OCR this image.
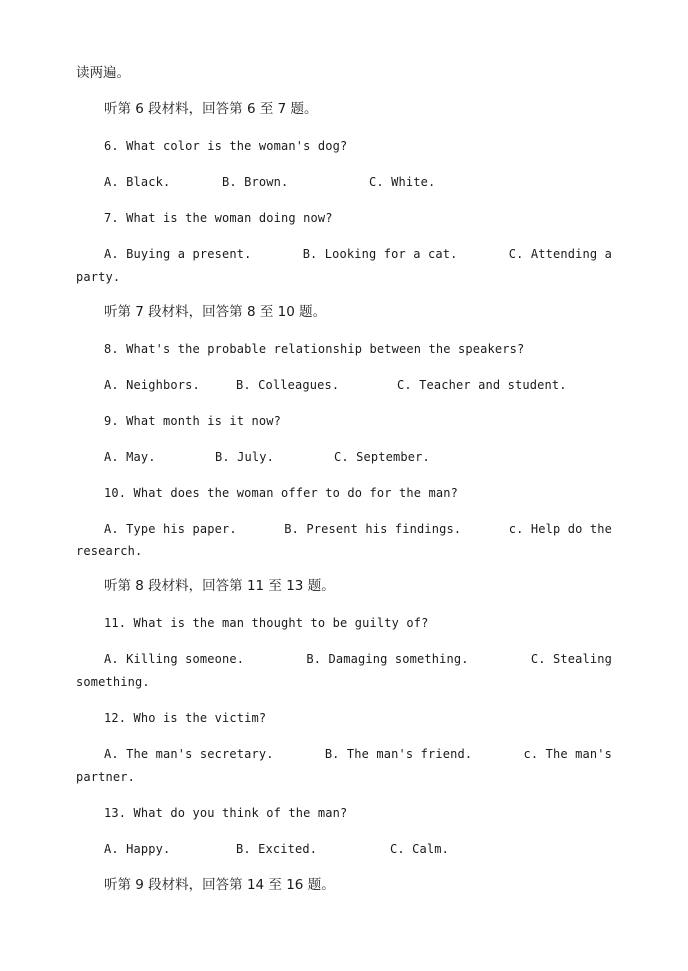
读两遍。

听第 6 段材料，回答第 6 至 7 题。

6. What color is the woman's dog?

A. Black.	B. Brown.	C. White.

7. What is the woman doing now?

A. Buying a present.	B. Looking for a cat.	C. Attending a

party.

听第 7 段材料，回答第 8 至 10 题。

8. What's the probable relationship between the speakers?

A. Neighbors.	B. Colleagues.	C. Teacher and student.

9. What month is it now?

A. May.	B. July.	C. September.

10. What does the woman offer to do for the man?

A. Type his paper.	B. Present his findings.	c. Help do the

research.

听第 8 段材料，回答第 11 至 13 题。

11. What is the man thought to be guilty of?

A. Killing someone.	B. Damaging something.	C. Stealing

something.

12. Who is the victim?

A. The man's secretary.	B. The man's friend.	c. The man's

partner.

13. What do you think of the man?

A. Happy.	B. Excited.	C. Calm.

听第 9 段材料，回答第 14 至 16 题。
